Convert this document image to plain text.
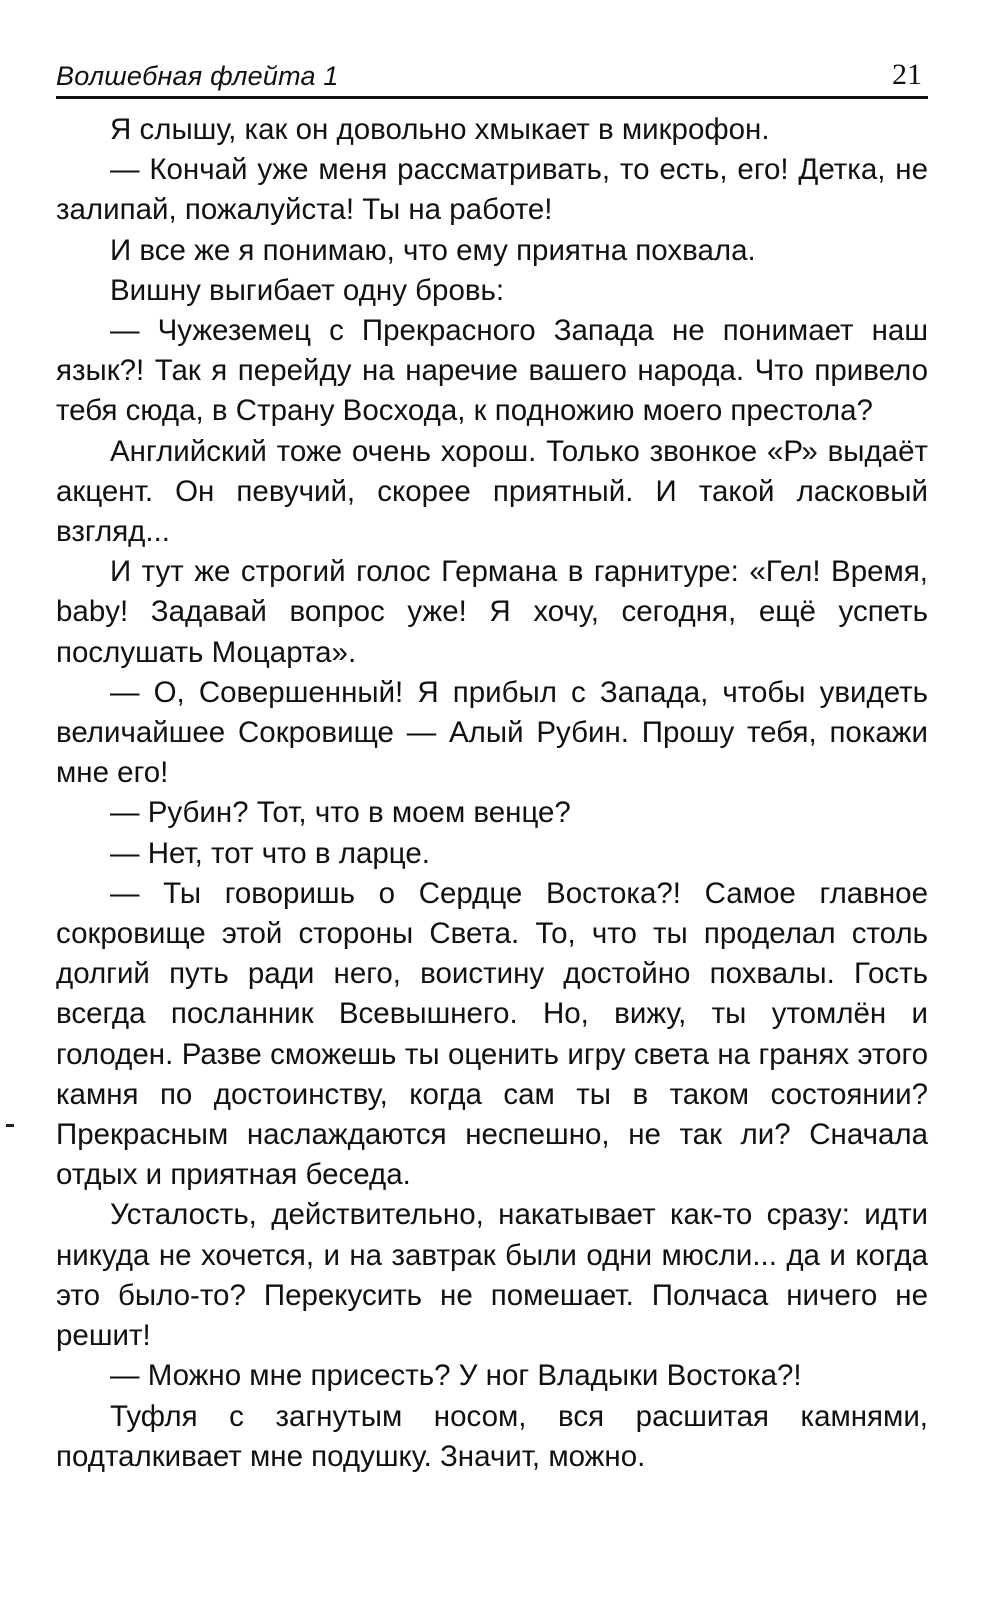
Волшебная флейта 1	21

Я слышу, как он довольно хмыкает в микрофон.

— Кончай уже меня рассматривать, то есть, его! Детка, не залипай, пожалуйста! Ты на работе!

И все же я понимаю, что ему приятна похвала.

Вишну выгибает одну бровь:

— Чужеземец с Прекрасного Запада не понимает наш язык?! Так я перейду на наречие вашего народа. Что привело тебя сюда, в Страну Восхода, к подножию моего престола?

Английский тоже очень хорош. Только звонкое «Р» выдаёт акцент. Он певучий, скорее приятный. И такой ласковый взгляд...

И тут же строгий голос Германа в гарнитуре: «Гел! Время, baby! Задавай вопрос уже! Я хочу, сегодня, ещё успеть послушать Моцарта».

— О, Совершенный! Я прибыл с Запада, чтобы увидеть величайшее Сокровище — Алый Рубин. Прошу тебя, покажи мне его!

— Рубин? Тот, что в моем венце?

— Нет, тот что в ларце.

— Ты говоришь о Сердце Востока?! Самое главное сокровище этой стороны Света. То, что ты проделал столь долгий путь ради него, воистину достойно похвалы. Гость всегда посланник Всевышнего. Но, вижу, ты утомлён и голоден. Разве сможешь ты оценить игру света на гранях этого камня по достоинству, когда сам ты в таком состоянии? Прекрасным наслаждаются неспешно, не так ли? Сначала отдых и приятная беседа.

Усталость, действительно, накатывает как-то сразу: идти никуда не хочется, и на завтрак были одни мюсли... да и когда это было-то? Перекусить не помешает. Полчаса ничего не решит!

— Можно мне присесть? У ног Владыки Востока?!

Туфля с загнутым носом, вся расшитая камнями, подталкивает мне подушку. Значит, можно.
